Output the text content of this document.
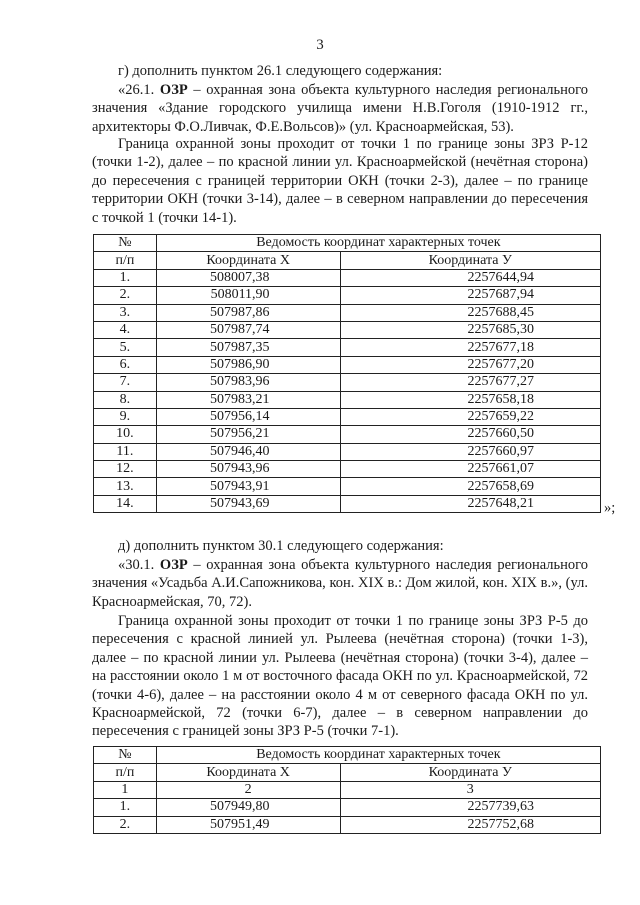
3

г) дополнить пунктом 26.1 следующего содержания:

«26.1. ОЗР – охранная зона объекта культурного наследия регионального значения «Здание городского училища имени Н.В.Гоголя (1910-1912 гг., архитекторы Ф.О.Ливчак, Ф.Е.Вольсов)» (ул. Красноармейская, 53).

Граница охранной зоны проходит от точки 1 по границе зоны ЗРЗ Р-12 (точки 1-2), далее – по красной линии ул. Красноармейской (нечётная сторона) до пересечения с границей территории ОКН (точки 2-3), далее – по границе территории ОКН (точки 3-14), далее – в северном направлении до пересечения с точкой 1 (точки 14-1).

№	Ведомость координат характерных точек	
п/п	Координата Х	Координата У
1.	508007,38	2257644,94
2.	508011,90	2257687,94
3.	507987,86	2257688,45
4.	507987,74	2257685,30
5.	507987,35	2257677,18
6.	507986,90	2257677,20
7.	507983,96	2257677,27
8.	507983,21	2257658,18
9.	507956,14	2257659,22
10.	507956,21	2257660,50
11.	507946,40	2257660,97
12.	507943,96	2257661,07
13.	507943,91	2257658,69
14.	507943,69	2257648,21	»;

д) дополнить пунктом 30.1 следующего содержания:

«30.1. ОЗР – охранная зона объекта культурного наследия регионального значения «Усадьба А.И.Сапожникова, кон. XIX в.: Дом жилой, кон. XIX в.», (ул. Красноармейская, 70, 72).

Граница охранной зоны проходит от точки 1 по границе зоны ЗРЗ Р-5 до пересечения с красной линией ул. Рылеева (нечётная сторона) (точки 1-3), далее – по красной линии ул. Рылеева (нечётная сторона) (точки 3-4), далее – на расстоянии около 1 м от восточного фасада ОКН по ул. Красноармейской, 72 (точки 4-6), далее – на расстоянии около 4 м от северного фасада ОКН по ул. Красноармейской, 72 (точки 6-7), далее – в северном направлении до пересечения с границей зоны ЗРЗ Р-5 (точки 7-1).

№	Ведомость координат характерных точек	
п/п	Координата Х	Координата У
1	2	3
1.	507949,80	2257739,63
2.	507951,49	2257752,68
